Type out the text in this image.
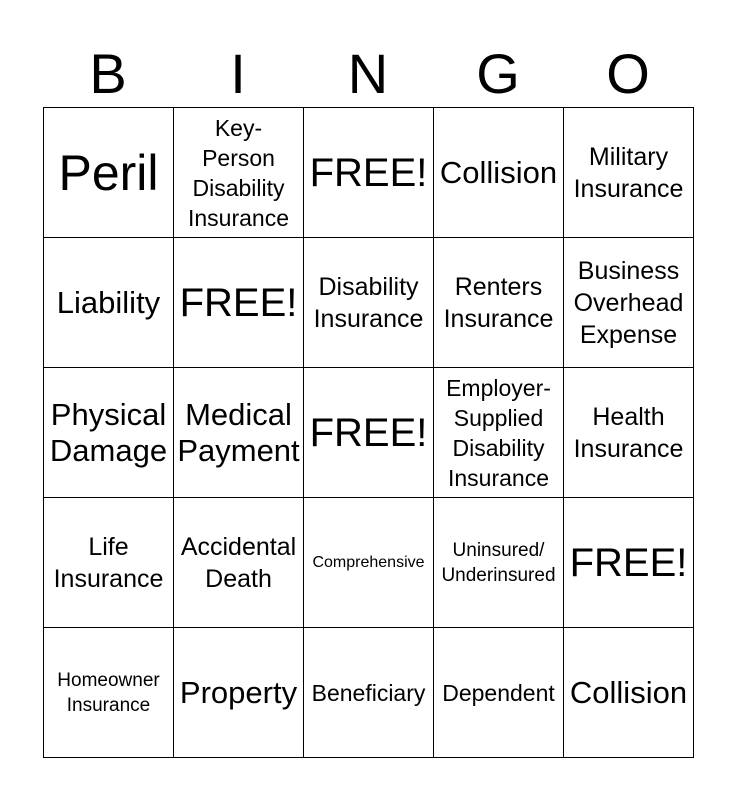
B	I	N	G	O
Peril	Key-
Person
Disability
Insurance	FREE!	Collision	Military
Insurance

Liability	FREE!	Disability
Insurance	Renters
Insurance	Business
Overhead
Expense

Physical
Damage	Medical
Payment	FREE!	Employer-
Supplied
Disability
Insurance	Health
Insurance

Life
Insurance	Accidental
Death	Comprehensive	Uninsured/
Underinsured	FREE!

Homeowner
Insurance	Property	Beneficiary	Dependent	Collision
